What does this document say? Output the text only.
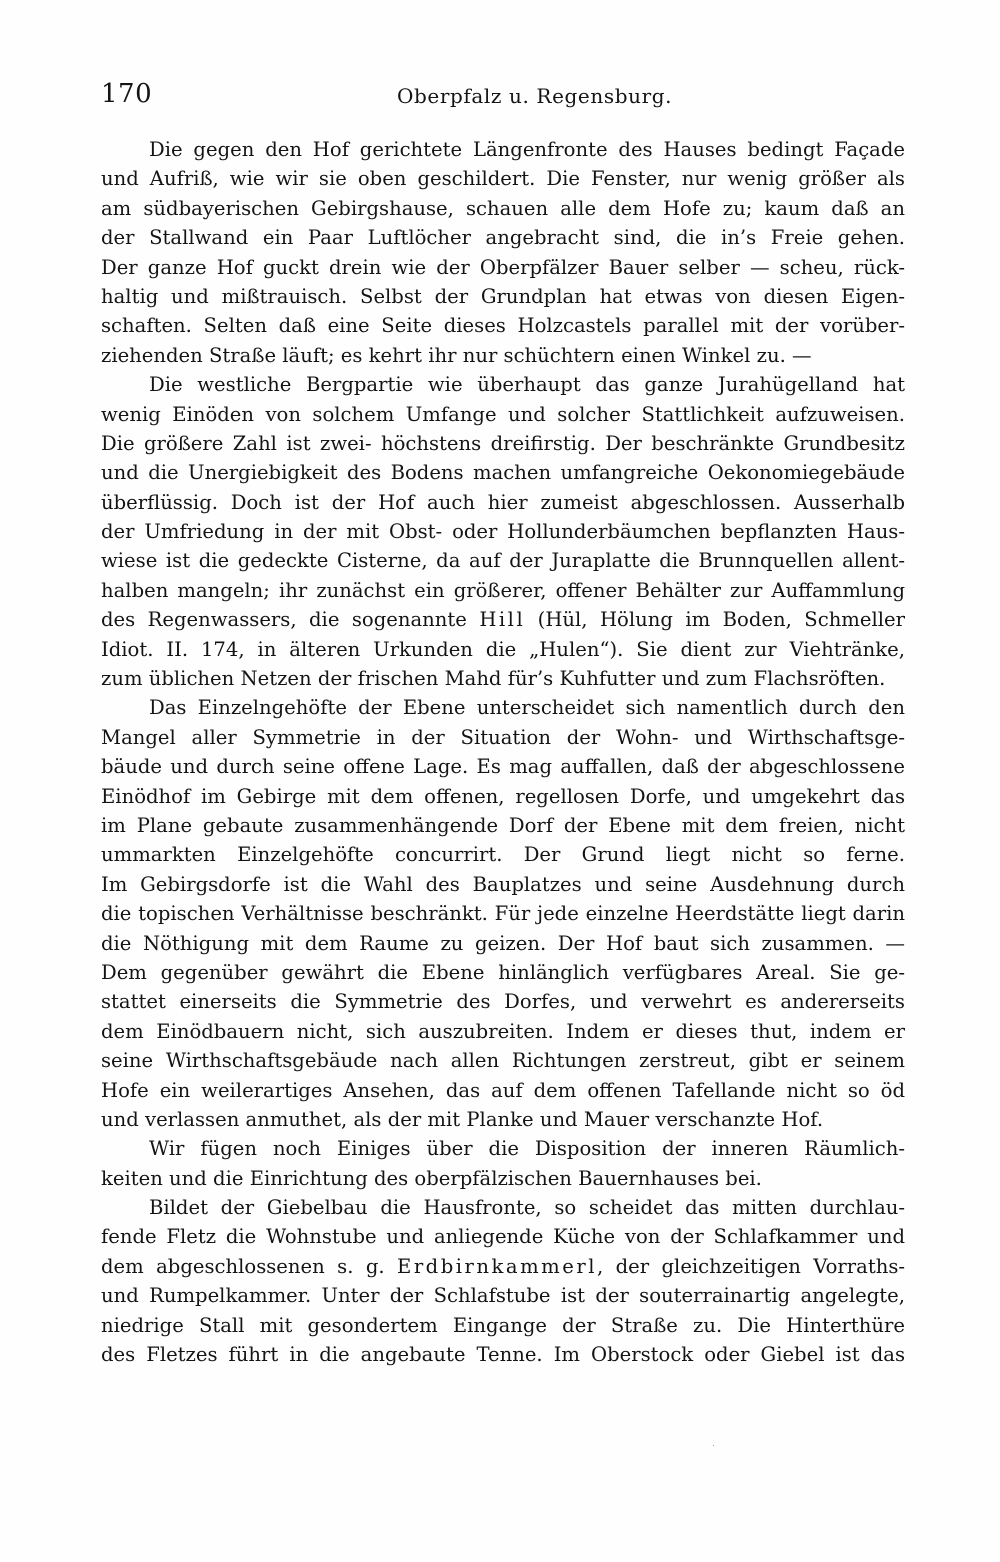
170	Oberpfalz u. Regensburg.
Die gegen den Hof gerichtete Längenfronte des Hauses bedingt Façade
und Aufriß, wie wir sie oben geschildert. Die Fenster, nur wenig größer als
am südbayerischen Gebirgshause, schauen alle dem Hofe zu; kaum daß an
der Stallwand ein Paar Luftlöcher angebracht sind, die in’s Freie gehen.
Der ganze Hof guckt drein wie der Oberpfälzer Bauer selber — scheu, rück-
haltig und mißtrauisch. Selbst der Grundplan hat etwas von diesen Eigen-
schaften. Selten daß eine Seite dieses Holzcastels parallel mit der vorüber-
ziehenden Straße läuft; es kehrt ihr nur schüchtern einen Winkel zu. —
Die westliche Bergpartie wie überhaupt das ganze Jurahügelland hat
wenig Einöden von solchem Umfange und solcher Stattlichkeit aufzuweisen.
Die größere Zahl ist zwei- höchstens dreifirstig. Der beschränkte Grundbesitz
und die Unergiebigkeit des Bodens machen umfangreiche Oekonomiegebäude
überflüssig. Doch ist der Hof auch hier zumeist abgeschlossen. Ausserhalb
der Umfriedung in der mit Obst- oder Hollunderbäumchen bepflanzten Haus-
wiese ist die gedeckte Cisterne, da auf der Juraplatte die Brunnquellen allent-
halben mangeln; ihr zunächst ein größerer, offener Behälter zur Auffammlung
des Regenwassers, die sogenannte Hill (Hül, Hölung im Boden, Schmeller
Idiot. II. 174, in älteren Urkunden die „Hulen“). Sie dient zur Viehtränke,
zum üblichen Netzen der frischen Mahd für’s Kuhfutter und zum Flachsröften.
Das Einzelngehöfte der Ebene unterscheidet sich namentlich durch den
Mangel aller Symmetrie in der Situation der Wohn- und Wirthschaftsge-
bäude und durch seine offene Lage. Es mag auffallen, daß der abgeschlossene
Einödhof im Gebirge mit dem offenen, regellosen Dorfe, und umgekehrt das
im Plane gebaute zusammenhängende Dorf der Ebene mit dem freien, nicht
ummarkten Einzelgehöfte concurrirt. Der Grund liegt nicht so ferne.
Im Gebirgsdorfe ist die Wahl des Bauplatzes und seine Ausdehnung durch
die topischen Verhältnisse beschränkt. Für jede einzelne Heerdstätte liegt darin
die Nöthigung mit dem Raume zu geizen. Der Hof baut sich zusammen. —
Dem gegenüber gewährt die Ebene hinlänglich verfügbares Areal. Sie ge-
stattet einerseits die Symmetrie des Dorfes, und verwehrt es andererseits
dem Einödbauern nicht, sich auszubreiten. Indem er dieses thut, indem er
seine Wirthschaftsgebäude nach allen Richtungen zerstreut, gibt er seinem
Hofe ein weilerartiges Ansehen, das auf dem offenen Tafellande nicht so öd
und verlassen anmuthet, als der mit Planke und Mauer verschanzte Hof.
Wir fügen noch Einiges über die Disposition der inneren Räumlich-
keiten und die Einrichtung des oberpfälzischen Bauernhauses bei.
Bildet der Giebelbau die Hausfronte, so scheidet das mitten durchlau-
fende Fletz die Wohnstube und anliegende Küche von der Schlafkammer und
dem abgeschlossenen s. g. Erdbirnkammerl, der gleichzeitigen Vorraths-
und Rumpelkammer. Unter der Schlafstube ist der souterrainartig angelegte,
niedrige Stall mit gesondertem Eingange der Straße zu. Die Hinterthüre
des Fletzes führt in die angebaute Tenne. Im Oberstock oder Giebel ist das
